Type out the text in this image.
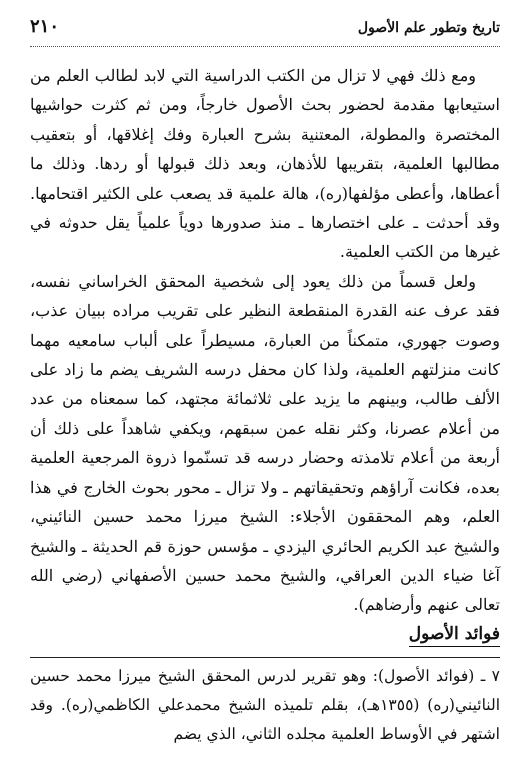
تاريخ وتطور علم الأصول
٢١٠

ومع ذلك فهي لا تزال من الكتب الدراسية التي لابد لطالب العلم من استيعابها مقدمة لحضور بحث الأصول خارجاً، ومن ثم كثرت حواشيها المختصرة والمطولة، المعتنية بشرح العبارة وفك إغلاقها، أو بتعقيب مطالبها العلمية، بتقريبها للأذهان، وبعد ذلك قبولها أو ردها. وذلك ما أعطاها، وأعطى مؤلفها(ره)، هالة علمية قد يصعب على الكثير اقتحامها. وقد أحدثت ـ على اختصارها ـ منذ صدورها دوياً علمياً يقل حدوثه في غيرها من الكتب العلمية.

ولعل قسماً من ذلك يعود إلى شخصية المحقق الخراساني نفسه، فقد عرف عنه القدرة المنقطعة النظير على تقريب مراده ببيان عذب، وصوت جهوري، متمكناً من العبارة، مسيطراً على ألباب سامعيه مهما كانت منزلتهم العلمية، ولذا كان محفل درسه الشريف يضم ما زاد على الألف طالب، وبينهم ما يزيد على ثلاثمائة مجتهد، كما سمعناه من عدد من أعلام عصرنا، وكثر نقله عمن سبقهم، ويكفي شاهداً على ذلك أن أربعة من أعلام تلامذته وحضار درسه قد تسنّموا ذروة المرجعية العلمية بعده، فكانت آراؤهم وتحقيقاتهم ـ ولا تزال ـ محور بحوث الخارج في هذا العلم، وهم المحققون الأجلاء: الشيخ ميرزا محمد حسين النائيني، والشيخ عبد الكريم الحائري اليزدي ـ مؤسس حوزة قم الحديثة ـ والشيخ آغا ضياء الدين العراقي، والشيخ محمد حسين الأصفهاني (رضي الله تعالى عنهم وأرضاهم).

فوائد الأصول

٧ ـ (فوائد الأصول): وهو تقرير لدرس المحقق الشيخ ميرزا محمد حسين النائيني(ره) (١٣٥٥هـ)، بقلم تلميذه الشيخ محمدعلي الكاظمي(ره). وقد اشتهر في الأوساط العلمية مجلده الثاني، الذي يضم
